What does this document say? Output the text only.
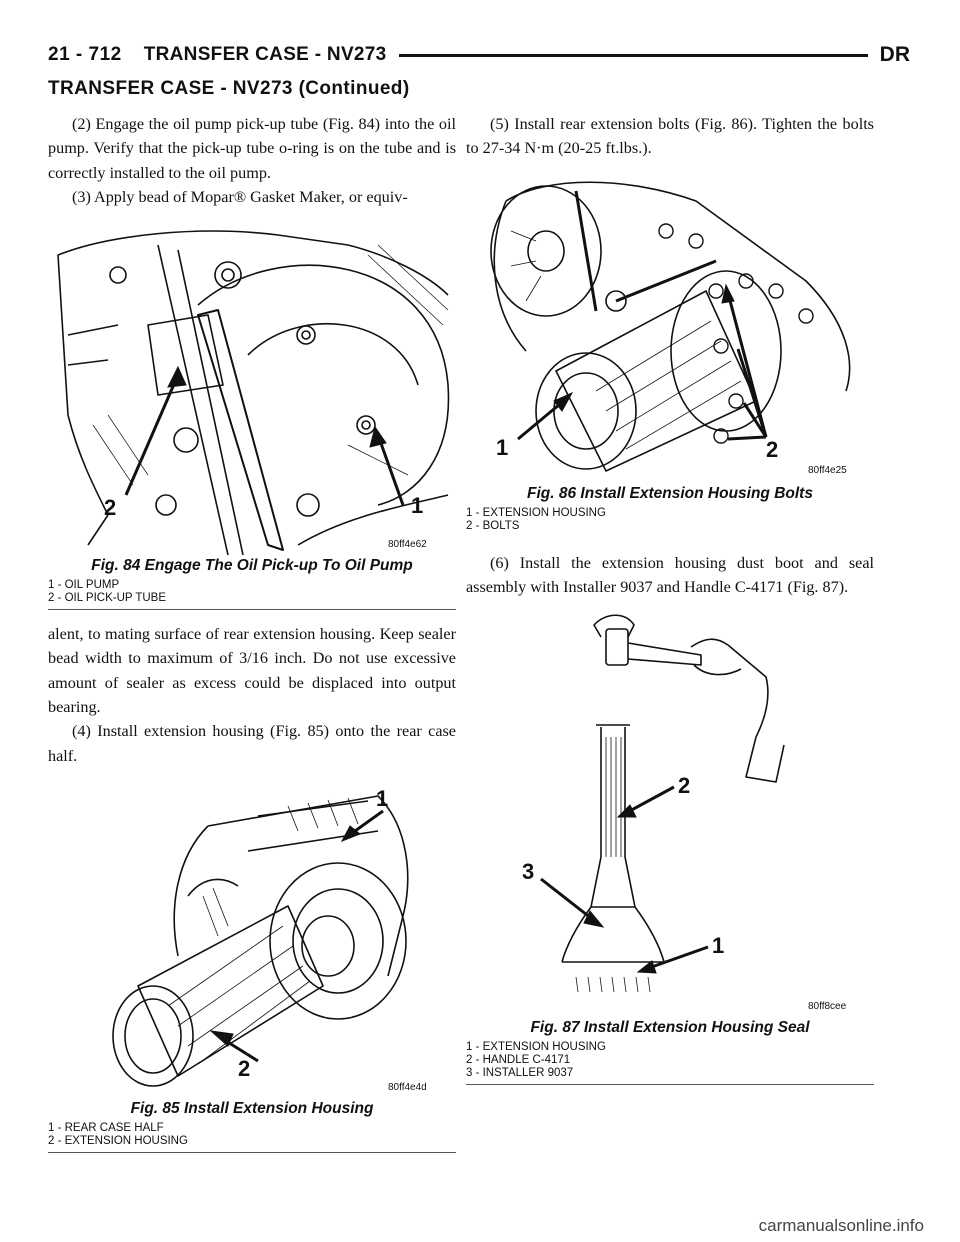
21 - 712 TRANSFER CASE - NV273	DR
TRANSFER CASE - NV273 (Continued)

(2) Engage the oil pump pick-up tube (Fig. 84) into the oil pump. Verify that the pick-up tube o-ring is on the tube and is correctly installed to the oil pump.

(3) Apply bead of Mopar® Gasket Maker, or equiv-

2	1
80ff4e62
Fig. 84 Engage The Oil Pick-up To Oil Pump
1 - OIL PUMP
2 - OIL PICK-UP TUBE

alent, to mating surface of rear extension housing. Keep sealer bead width to maximum of 3/16 inch. Do not use excessive amount of sealer as excess could be displaced into output bearing.

(4) Install extension housing (Fig. 85) onto the rear case half.

1
2
80ff4e4d
Fig. 85 Install Extension Housing
1 - REAR CASE HALF
2 - EXTENSION HOUSING

(5) Install rear extension bolts (Fig. 86). Tighten the bolts to 27-34 N·m (20-25 ft.lbs.).

1	2
80ff4e25
Fig. 86 Install Extension Housing Bolts
1 - EXTENSION HOUSING
2 - BOLTS

(6) Install the extension housing dust boot and seal assembly with Installer 9037 and Handle C-4171 (Fig. 87).

2
3
1
80ff8cee
Fig. 87 Install Extension Housing Seal
1 - EXTENSION HOUSING
2 - HANDLE C-4171
3 - INSTALLER 9037
carmanualsonline.info
